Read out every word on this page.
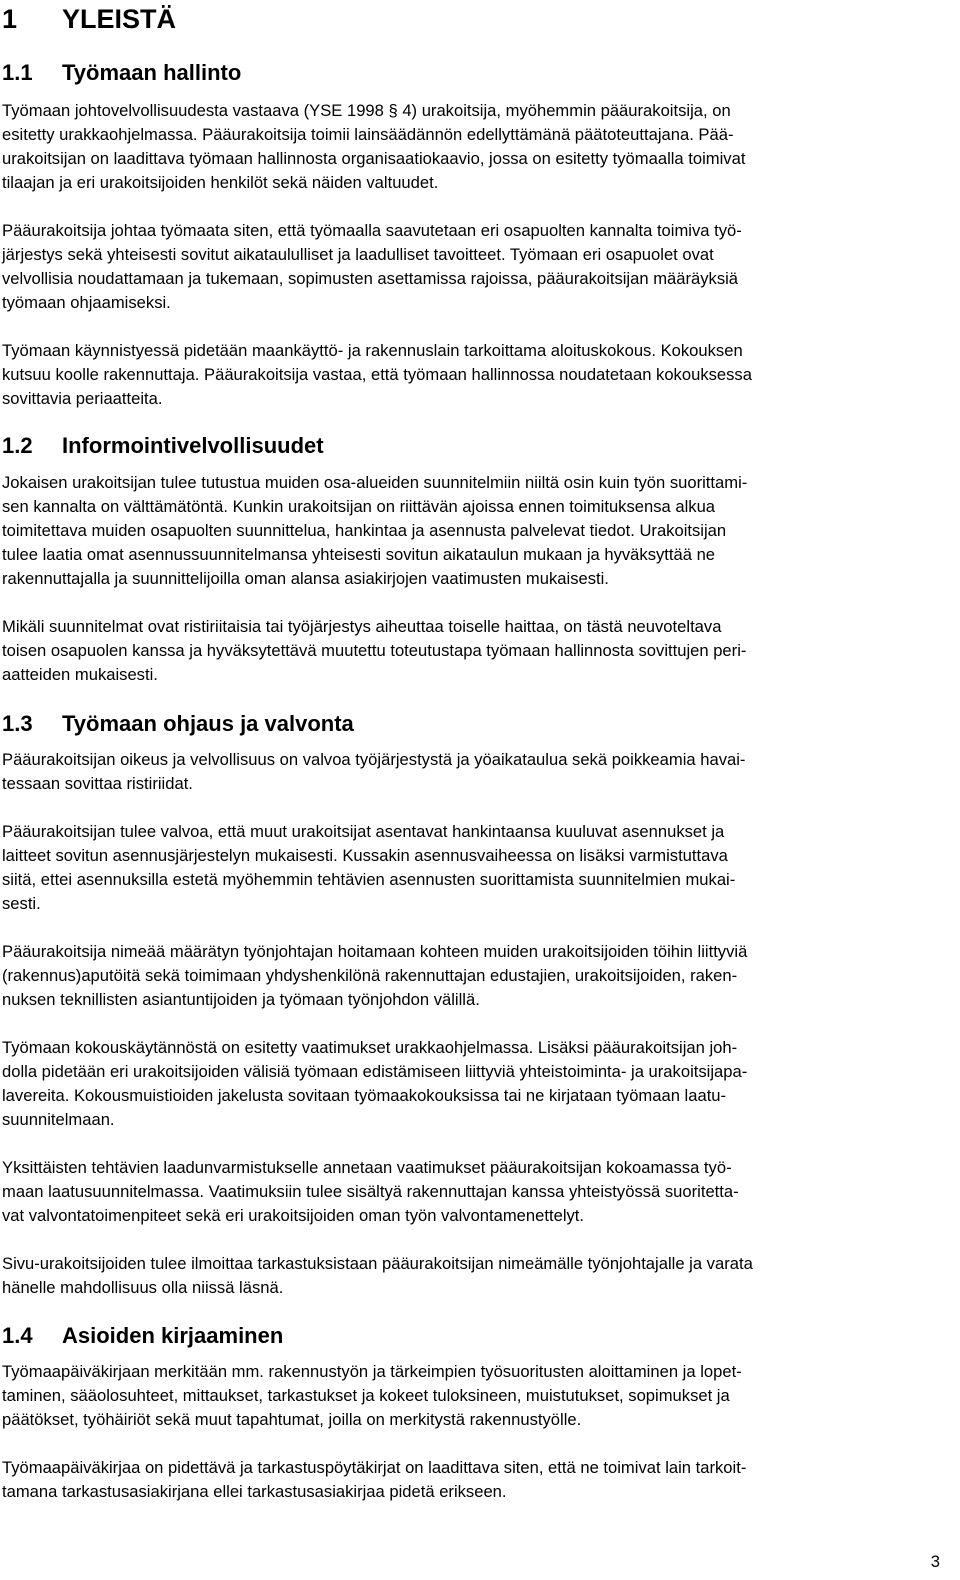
1 YLEISTÄ
1.1 Työmaan hallinto
Työmaan johtovelvollisuudesta vastaava (YSE 1998 § 4) urakoitsija, myöhemmin pääurakoitsija, on
esitetty urakkaohjelmassa. Pääurakoitsija toimii lainsäädännön edellyttämänä päätoteuttajana. Pää-
urakoitsijan on laadittava työmaan hallinnosta organisaatiokaavio, jossa on esitetty työmaalla toimivat
tilaajan ja eri urakoitsijoiden henkilöt sekä näiden valtuudet.
Pääurakoitsija johtaa työmaata siten, että työmaalla saavutetaan eri osapuolten kannalta toimiva työ-
järjestys sekä yhteisesti sovitut aikataululliset ja laadulliset tavoitteet. Työmaan eri osapuolet ovat
velvollisia noudattamaan ja tukemaan, sopimusten asettamissa rajoissa, pääurakoitsijan määräyksiä
työmaan ohjaamiseksi.
Työmaan käynnistyessä pidetään maankäyttö- ja rakennuslain tarkoittama aloituskokous. Kokouksen
kutsuu koolle rakennuttaja. Pääurakoitsija vastaa, että työmaan hallinnossa noudatetaan kokouksessa
sovittavia periaatteita.
1.2 Informointivelvollisuudet
Jokaisen urakoitsijan tulee tutustua muiden osa-alueiden suunnitelmiin niiltä osin kuin työn suorittami-
sen kannalta on välttämätöntä. Kunkin urakoitsijan on riittävän ajoissa ennen toimituksensa alkua
toimitettava muiden osapuolten suunnittelua, hankintaa ja asennusta palvelevat tiedot. Urakoitsijan
tulee laatia omat asennussuunnitelmansa yhteisesti sovitun aikataulun mukaan ja hyväksyttää ne
rakennuttajalla ja suunnittelijoilla oman alansa asiakirjojen vaatimusten mukaisesti.
Mikäli suunnitelmat ovat ristiriitaisia tai työjärjestys aiheuttaa toiselle haittaa, on tästä neuvoteltava
toisen osapuolen kanssa ja hyväksytettävä muutettu toteutustapa työmaan hallinnosta sovittujen peri-
aatteiden mukaisesti.
1.3 Työmaan ohjaus ja valvonta
Pääurakoitsijan oikeus ja velvollisuus on valvoa työjärjestystä ja yöaikataulua sekä poikkeamia havai-
tessaan sovittaa ristiriidat.
Pääurakoitsijan tulee valvoa, että muut urakoitsijat asentavat hankintaansa kuuluvat asennukset ja
laitteet sovitun asennusjärjestelyn mukaisesti. Kussakin asennusvaiheessa on lisäksi varmistuttava
siitä, ettei asennuksilla estetä myöhemmin tehtävien asennusten suorittamista suunnitelmien mukai-
sesti.
Pääurakoitsija nimeää määrätyn työnjohtajan hoitamaan kohteen muiden urakoitsijoiden töihin liittyviä
(rakennus)aputöitä sekä toimimaan yhdyshenkilönä rakennuttajan edustajien, urakoitsijoiden, raken-
nuksen teknillisten asiantuntijoiden ja työmaan työnjohdon välillä.
Työmaan kokouskäytännöstä on esitetty vaatimukset urakkaohjelmassa. Lisäksi pääurakoitsijan joh-
dolla pidetään eri urakoitsijoiden välisiä työmaan edistämiseen liittyviä yhteistoiminta- ja urakoitsijapa-
lavereita. Kokousmuistioiden jakelusta sovitaan työmaakokouksissa tai ne kirjataan työmaan laatu-
suunnitelmaan.
Yksittäisten tehtävien laadunvarmistukselle annetaan vaatimukset pääurakoitsijan kokoamassa työ-
maan laatusuunnitelmassa. Vaatimuksiin tulee sisältyä rakennuttajan kanssa yhteistyössä suoritetta-
vat valvontatoimenpiteet sekä eri urakoitsijoiden oman työn valvontamenettelyt.
Sivu-urakoitsijoiden tulee ilmoittaa tarkastuksistaan pääurakoitsijan nimeämälle työnjohtajalle ja varata
hänelle mahdollisuus olla niissä läsnä.
1.4 Asioiden kirjaaminen
Työmaapäiväkirjaan merkitään mm. rakennustyön ja tärkeimpien työsuoritusten aloittaminen ja lopet-
taminen, sääolosuhteet, mittaukset, tarkastukset ja kokeet tuloksineen, muistutukset, sopimukset ja
päätökset, työhäiriöt sekä muut tapahtumat, joilla on merkitystä rakennustyölle.
Työmaapäiväkirjaa on pidettävä ja tarkastuspöytäkirjat on laadittava siten, että ne toimivat lain tarkoit-
tamana tarkastusasiakirjana ellei tarkastusasiakirjaa pidetä erikseen.
3
